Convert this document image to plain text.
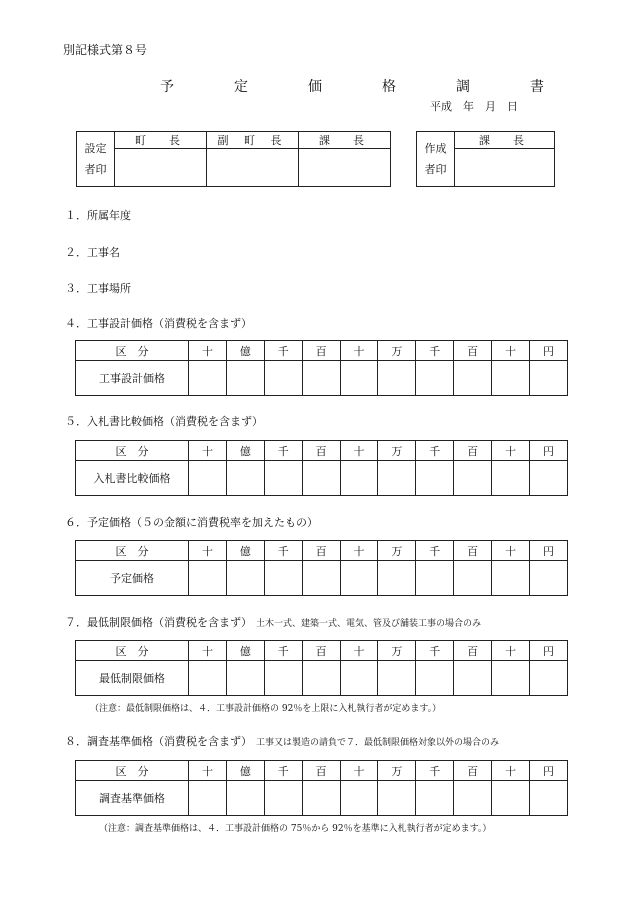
別記様式第８号
予　定　価　格　調　書
平成　年　月　日
設定
者印	町　長	副 町 長	課　長

作成
者印
	課　長

１．所属年度
２．工事名
３．工事場所
４．工事設計価格（消費税を含まず）
区　分	十	億	千	百	十	万	千	百	十	円
工事設計価格										
５．入札書比較価格（消費税を含まず）
区　分	十	億	千	百	十	万	千	百	十	円
入札書比較価格										
６．予定価格（５の金額に消費税率を加えたもの）
区　分	十	億	千	百	十	万	千	百	十	円
予定価格										
７．最低制限価格（消費税を含まず） 土木一式、建築一式、電気、管及び舗装工事の場合のみ
区　分	十	億	千	百	十	万	千	百	十	円
最低制限価格										
（注意：最低制限価格は、４．工事設計価格の 92％を上限に入札執行者が定めます。）
８．調査基準価格（消費税を含まず） 工事又は製造の請負で７．最低制限価格対象以外の場合のみ
区　分	十	億	千	百	十	万	千	百	十	円
調査基準価格										
（注意：調査基準価格は、４．工事設計価格の 75％から 92％を基準に入札執行者が定めます。）
